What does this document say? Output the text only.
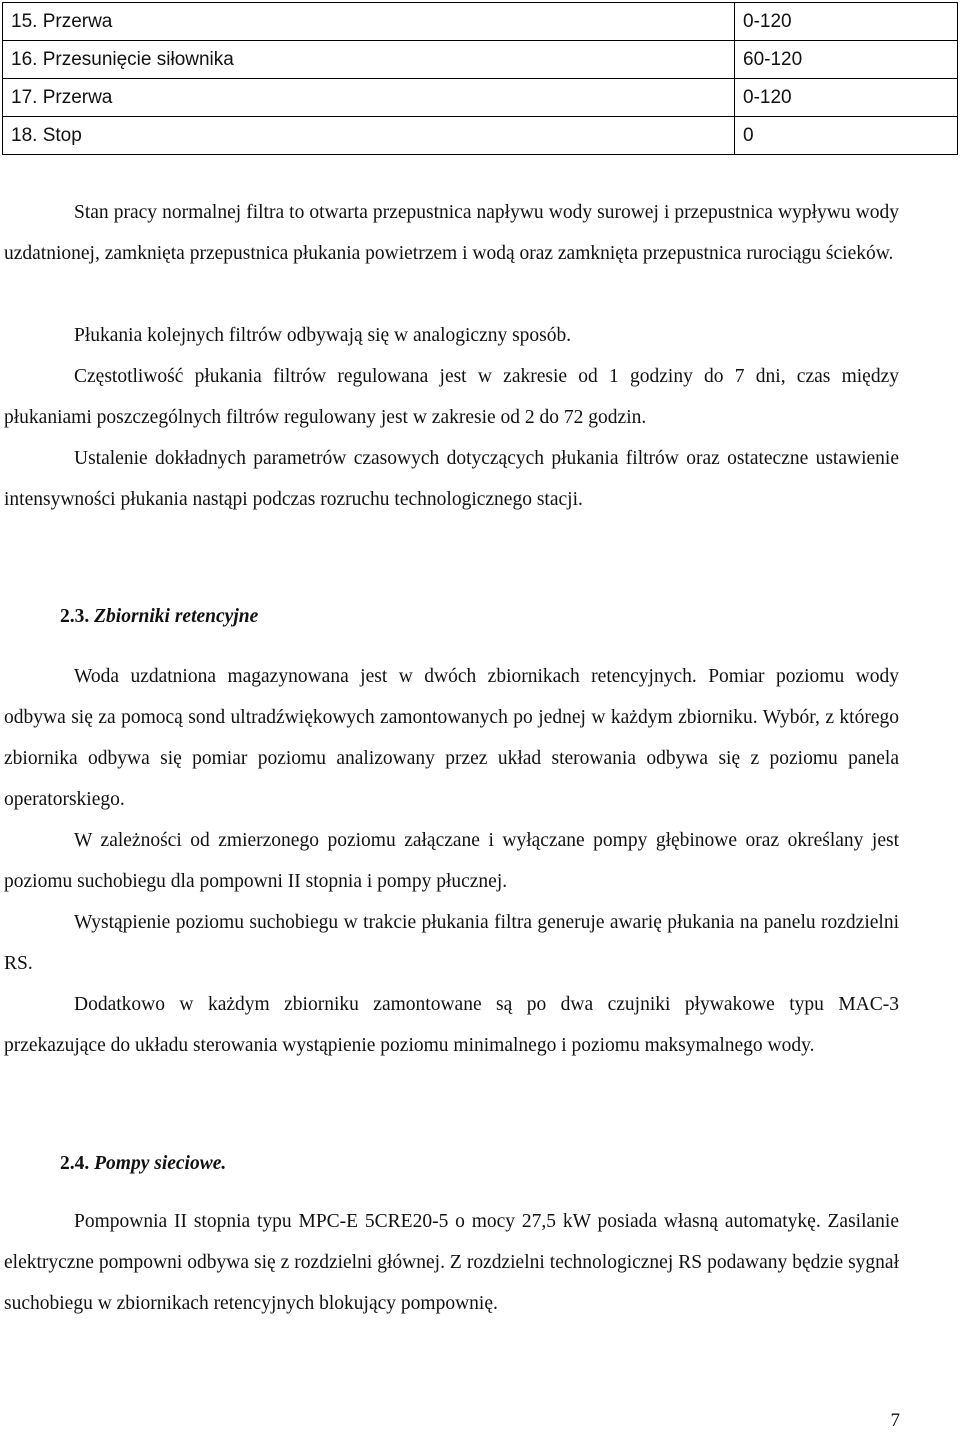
15. Przerwa	0-120
16. Przesunięcie siłownika	60-120
17. Przerwa	0-120
18. Stop	0

Stan pracy normalnej filtra to otwarta przepustnica napływu wody surowej i przepustnica wypływu wody uzdatnionej, zamknięta przepustnica płukania powietrzem i wodą oraz zamknięta przepustnica rurociągu ścieków.

Płukania kolejnych filtrów odbywają się w analogiczny sposób.

Częstotliwość płukania filtrów regulowana jest w zakresie od 1 godziny do 7 dni, czas między płukaniami poszczególnych filtrów regulowany jest w zakresie od 2 do 72 godzin.

Ustalenie dokładnych parametrów czasowych dotyczących płukania filtrów oraz ostateczne ustawienie intensywności płukania nastąpi podczas rozruchu technologicznego stacji.

2.3. Zbiorniki retencyjne

Woda uzdatniona magazynowana jest w dwóch zbiornikach retencyjnych. Pomiar poziomu wody odbywa się za pomocą sond ultradźwiękowych zamontowanych po jednej w każdym zbiorniku. Wybór, z którego zbiornika odbywa się pomiar poziomu analizowany przez układ sterowania odbywa się z poziomu panela operatorskiego.

W zależności od zmierzonego poziomu załączane i wyłączane pompy głębinowe oraz określany jest poziomu suchobiegu dla pompowni II stopnia i pompy płucznej.

Wystąpienie poziomu suchobiegu w trakcie płukania filtra generuje awarię płukania na panelu rozdzielni RS.

Dodatkowo w każdym zbiorniku zamontowane są po dwa czujniki pływakowe typu MAC-3 przekazujące do układu sterowania wystąpienie poziomu minimalnego i poziomu maksymalnego wody.

2.4. Pompy sieciowe.

Pompownia II stopnia typu MPC-E 5CRE20-5 o mocy 27,5 kW posiada własną automatykę. Zasilanie elektryczne pompowni odbywa się z rozdzielni głównej. Z rozdzielni technologicznej RS podawany będzie sygnał suchobiegu w zbiornikach retencyjnych blokujący pompownię.

7
